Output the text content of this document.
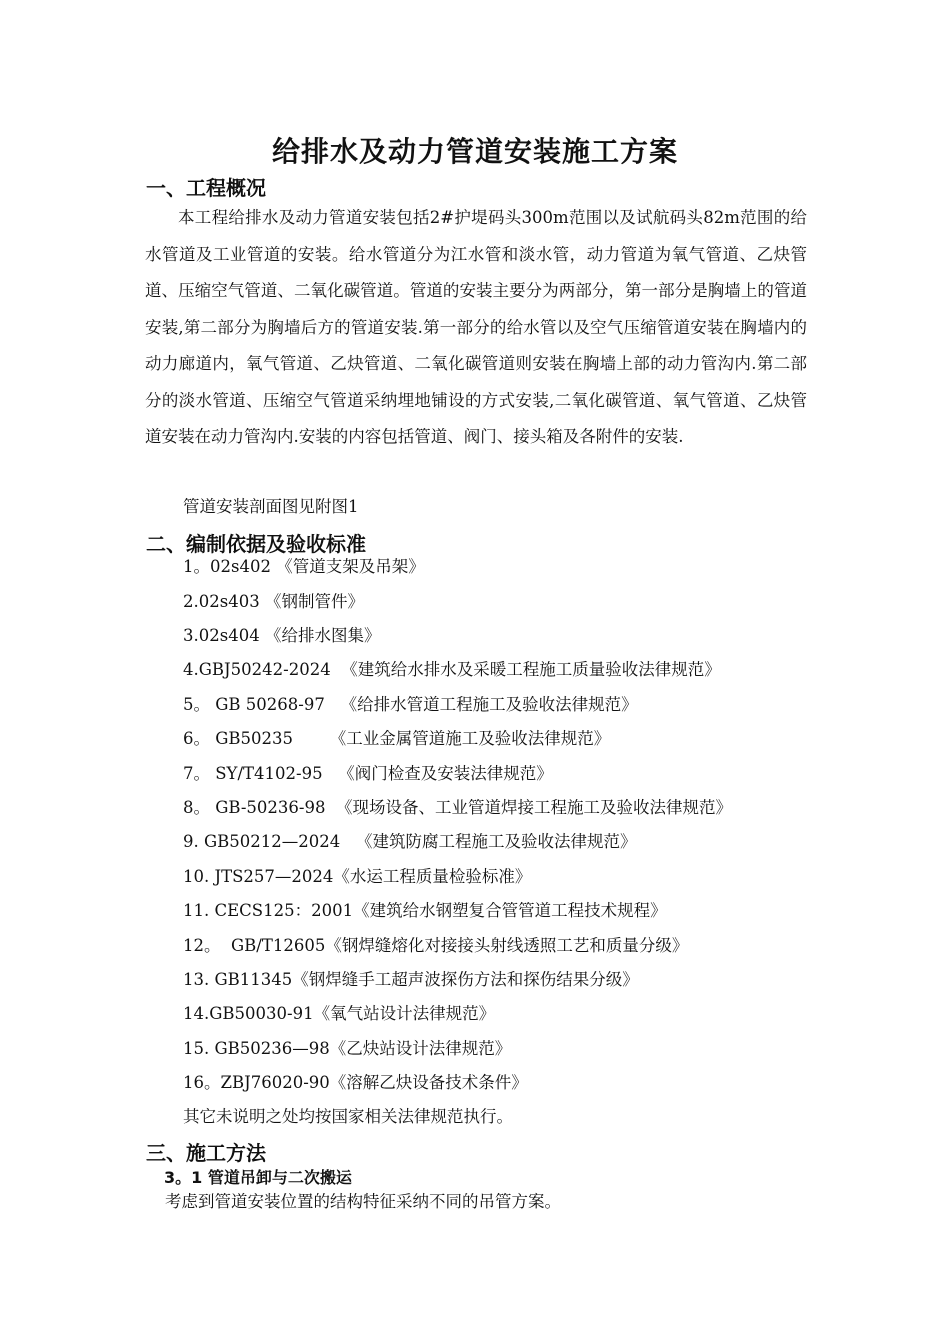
给排水及动力管道安装施工方案
一、工程概况

本工程给排水及动力管道安装包括2#护堤码头300m范围以及试航码头82m范围的给水管道及工业管道的安装。给水管道分为江水管和淡水管，动力管道为氧气管道、乙炔管道、压缩空气管道、二氧化碳管道。管道的安装主要分为两部分，第一部分是胸墙上的管道安装,第二部分为胸墙后方的管道安装.第一部分的给水管以及空气压缩管道安装在胸墙内的动力廊道内，氧气管道、乙炔管道、二氧化碳管道则安装在胸墙上部的动力管沟内.第二部分的淡水管道、压缩空气管道采纳埋地铺设的方式安装,二氧化碳管道、氧气管道、乙炔管道安装在动力管沟内.安装的内容包括管道、阀门、接头箱及各附件的安装.

管道安装剖面图见附图1
二、编制依据及验收标准
1。02s402 《管道支架及吊架》
2.02s403 《钢制管件》
3.02s404 《给排水图集》
4.GBJ50242-2024  《建筑给水排水及采暖工程施工质量验收法律规范》
5。 GB 50268-97   《给排水管道工程施工及验收法律规范》
6。 GB50235       《工业金属管道施工及验收法律规范》
7。 SY/T4102-95   《阀门检查及安装法律规范》
8。 GB-50236-98  《现场设备、工业管道焊接工程施工及验收法律规范》
9. GB50212—2024   《建筑防腐工程施工及验收法律规范》
10. JTS257—2024《水运工程质量检验标准》
11. CECS125：2001《建筑给水钢塑复合管管道工程技术规程》
12。  GB/T12605《钢焊缝熔化对接接头射线透照工艺和质量分级》
13. GB11345《钢焊缝手工超声波探伤方法和探伤结果分级》
14.GB50030-91《氧气站设计法律规范》
15. GB50236—98《乙炔站设计法律规范》
16。ZBJ76020-90《溶解乙炔设备技术条件》
其它未说明之处均按国家相关法律规范执行。
三、施工方法
3。1 管道吊卸与二次搬运
考虑到管道安装位置的结构特征采纳不同的吊管方案。
